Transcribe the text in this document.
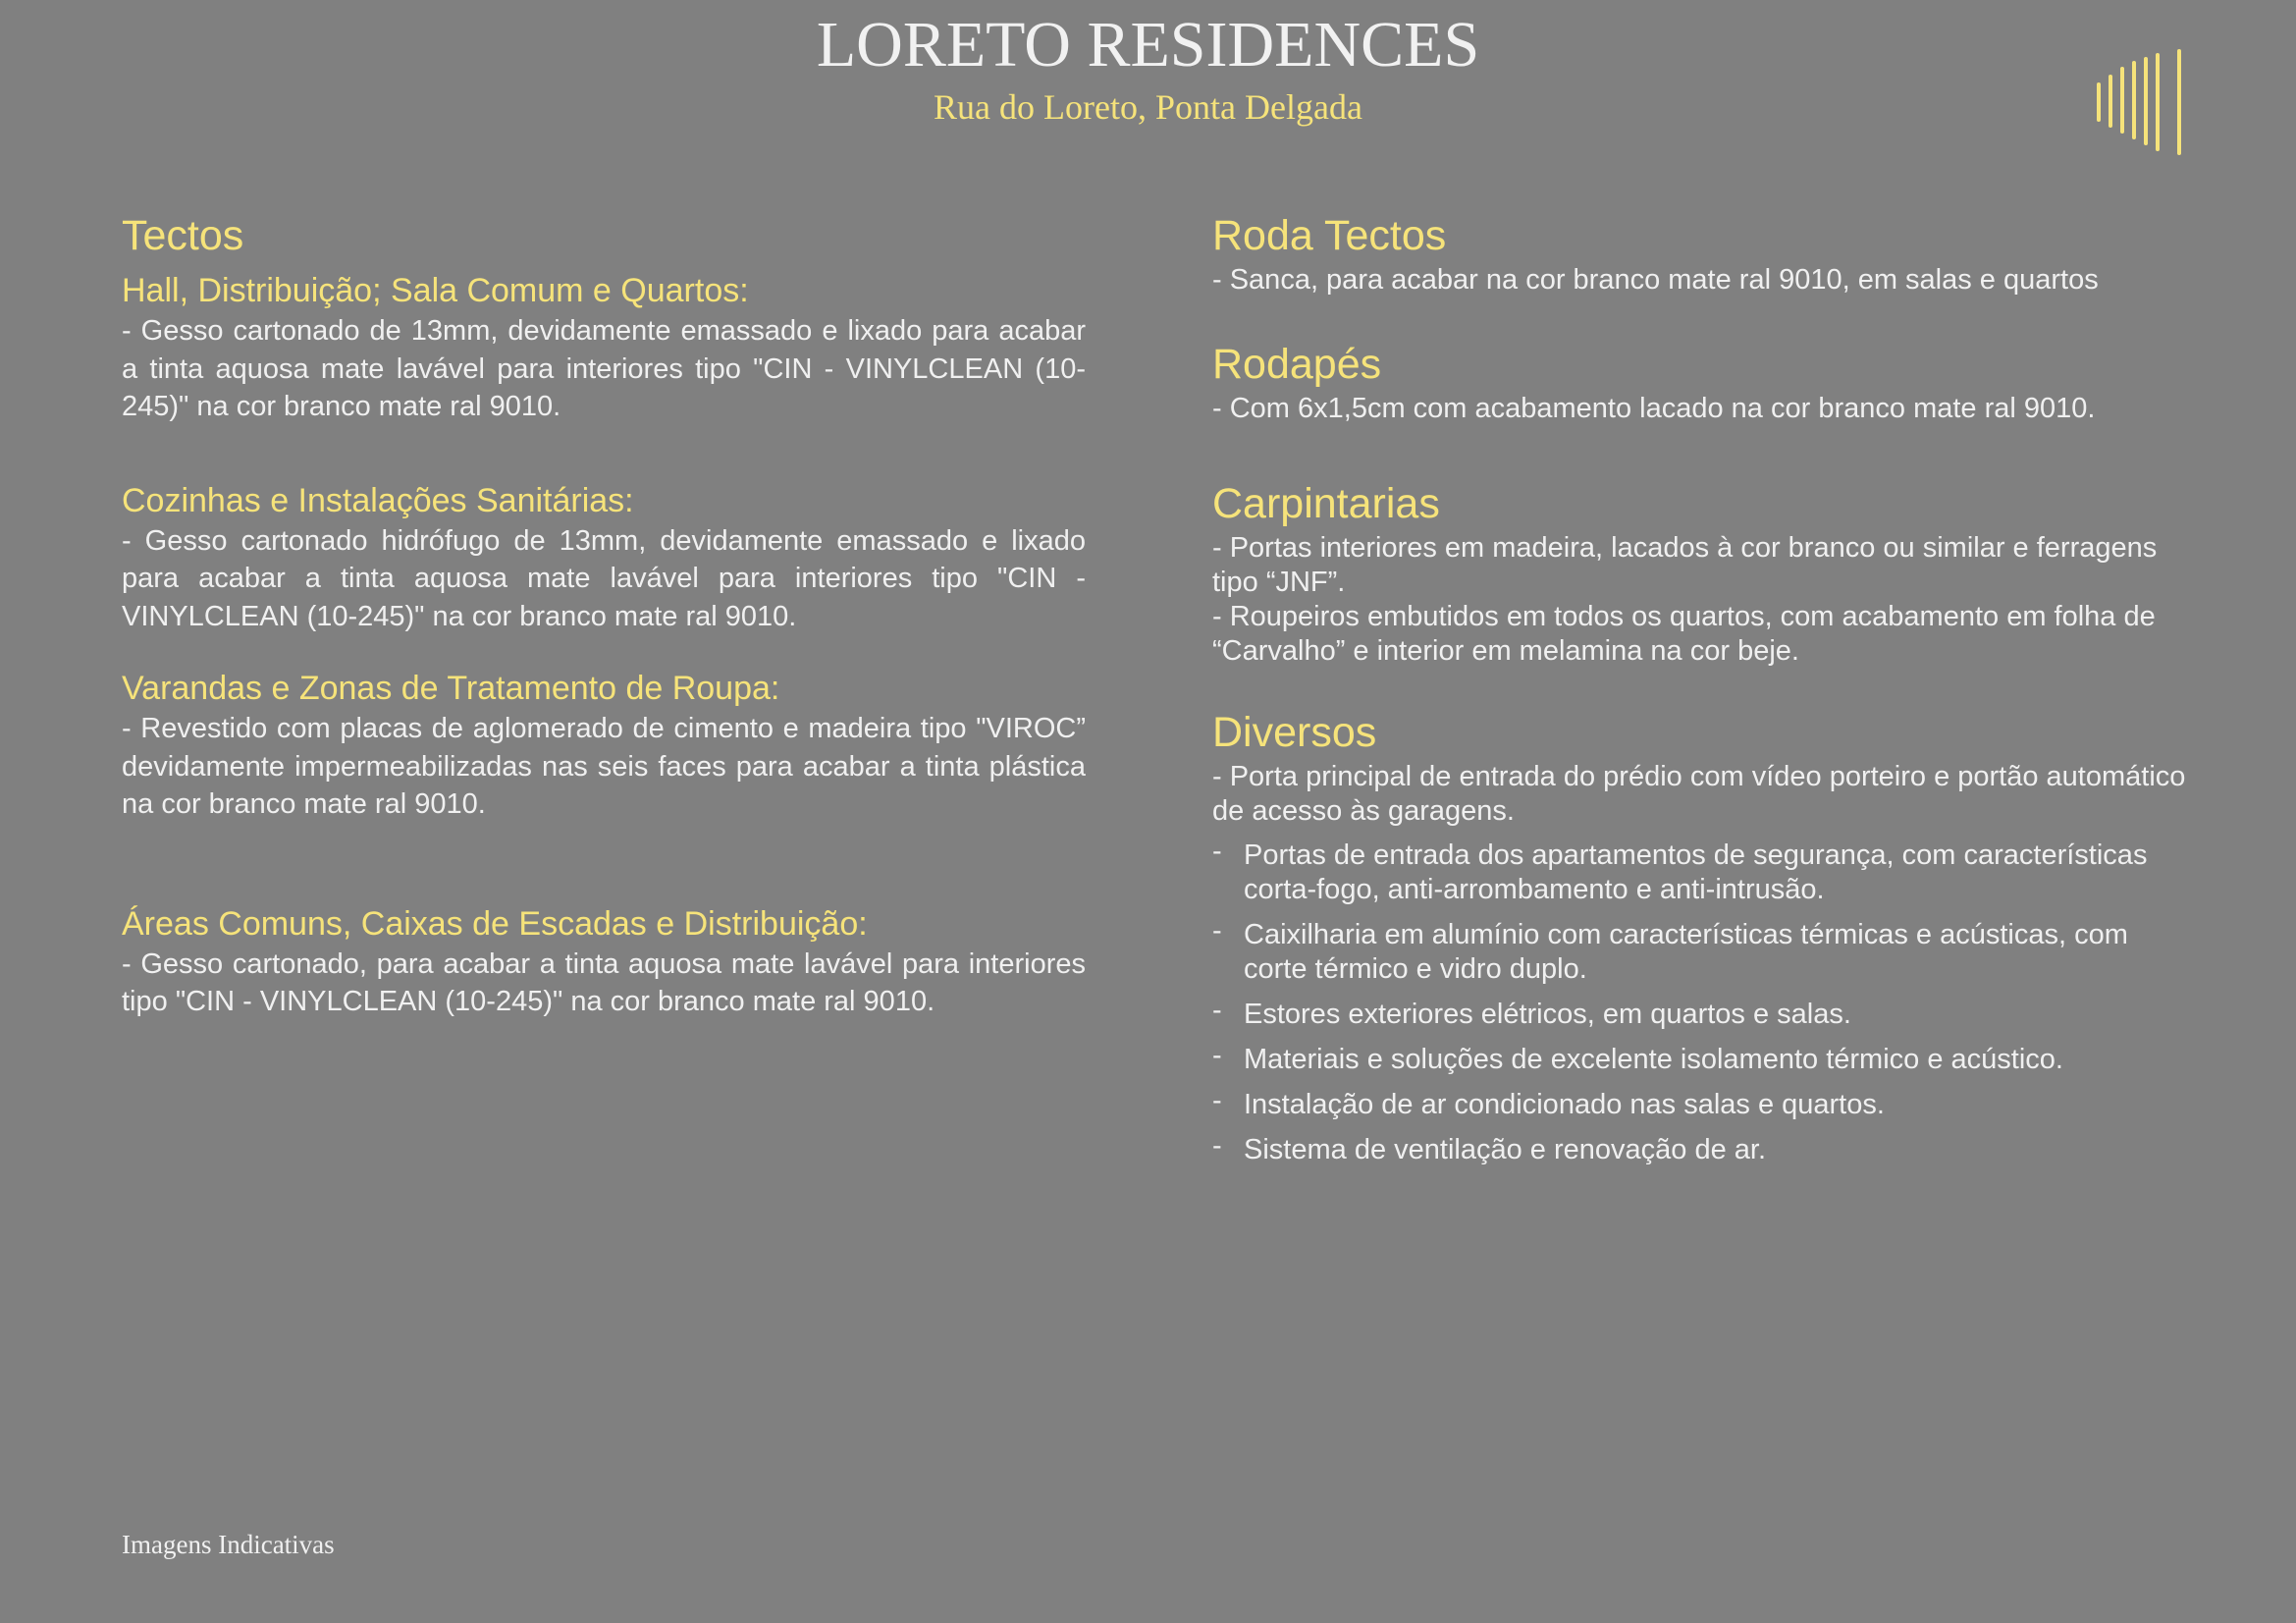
LORETO RESIDENCES
Rua do Loreto, Ponta Delgada
Tectos
Hall, Distribuição; Sala Comum e Quartos:

- Gesso cartonado de 13mm, devidamente emassado e lixado para acabar a tinta aquosa mate lavável para interiores tipo "CIN - VINYLCLEAN (10-245)" na cor branco mate ral 9010.

Cozinhas e Instalações Sanitárias:

- Gesso cartonado hidrófugo de 13mm, devidamente emassado e lixado para acabar a tinta aquosa mate lavável para interiores tipo "CIN - VINYLCLEAN (10-245)" na cor branco mate ral 9010.

Varandas e Zonas de Tratamento de Roupa:

- Revestido com placas de aglomerado de cimento e madeira tipo "VIROC” devidamente impermeabilizadas nas seis faces para acabar a tinta plástica na cor branco mate ral 9010.

Áreas Comuns, Caixas de Escadas e Distribuição:

- Gesso cartonado, para acabar a tinta aquosa mate lavável para interiores tipo "CIN - VINYLCLEAN (10-245)" na cor branco mate ral 9010.

Roda Tectos

- Sanca, para acabar na cor branco mate ral 9010, em salas e quartos

Rodapés

- Com 6x1,5cm com acabamento lacado na cor branco mate ral 9010.

Carpintarias

- Portas interiores em madeira, lacados à cor branco ou similar e ferragens tipo “JNF”.

- Roupeiros embutidos em todos os quartos, com acabamento em folha de “Carvalho” e interior em melamina na cor beje.

Diversos

- Porta principal de entrada do prédio com vídeo porteiro e portão automático de acesso às garagens.

- Portas de entrada dos apartamentos de segurança, com características corta-fogo, anti-arrombamento e anti-intrusão.
- Caixilharia em alumínio com características térmicas e acústicas, com corte térmico e vidro duplo.
- Estores exteriores elétricos, em quartos e salas.
- Materiais e soluções de excelente isolamento térmico e acústico.
- Instalação de ar condicionado nas salas e quartos.
- Sistema de ventilação e renovação de ar.
Imagens Indicativas
